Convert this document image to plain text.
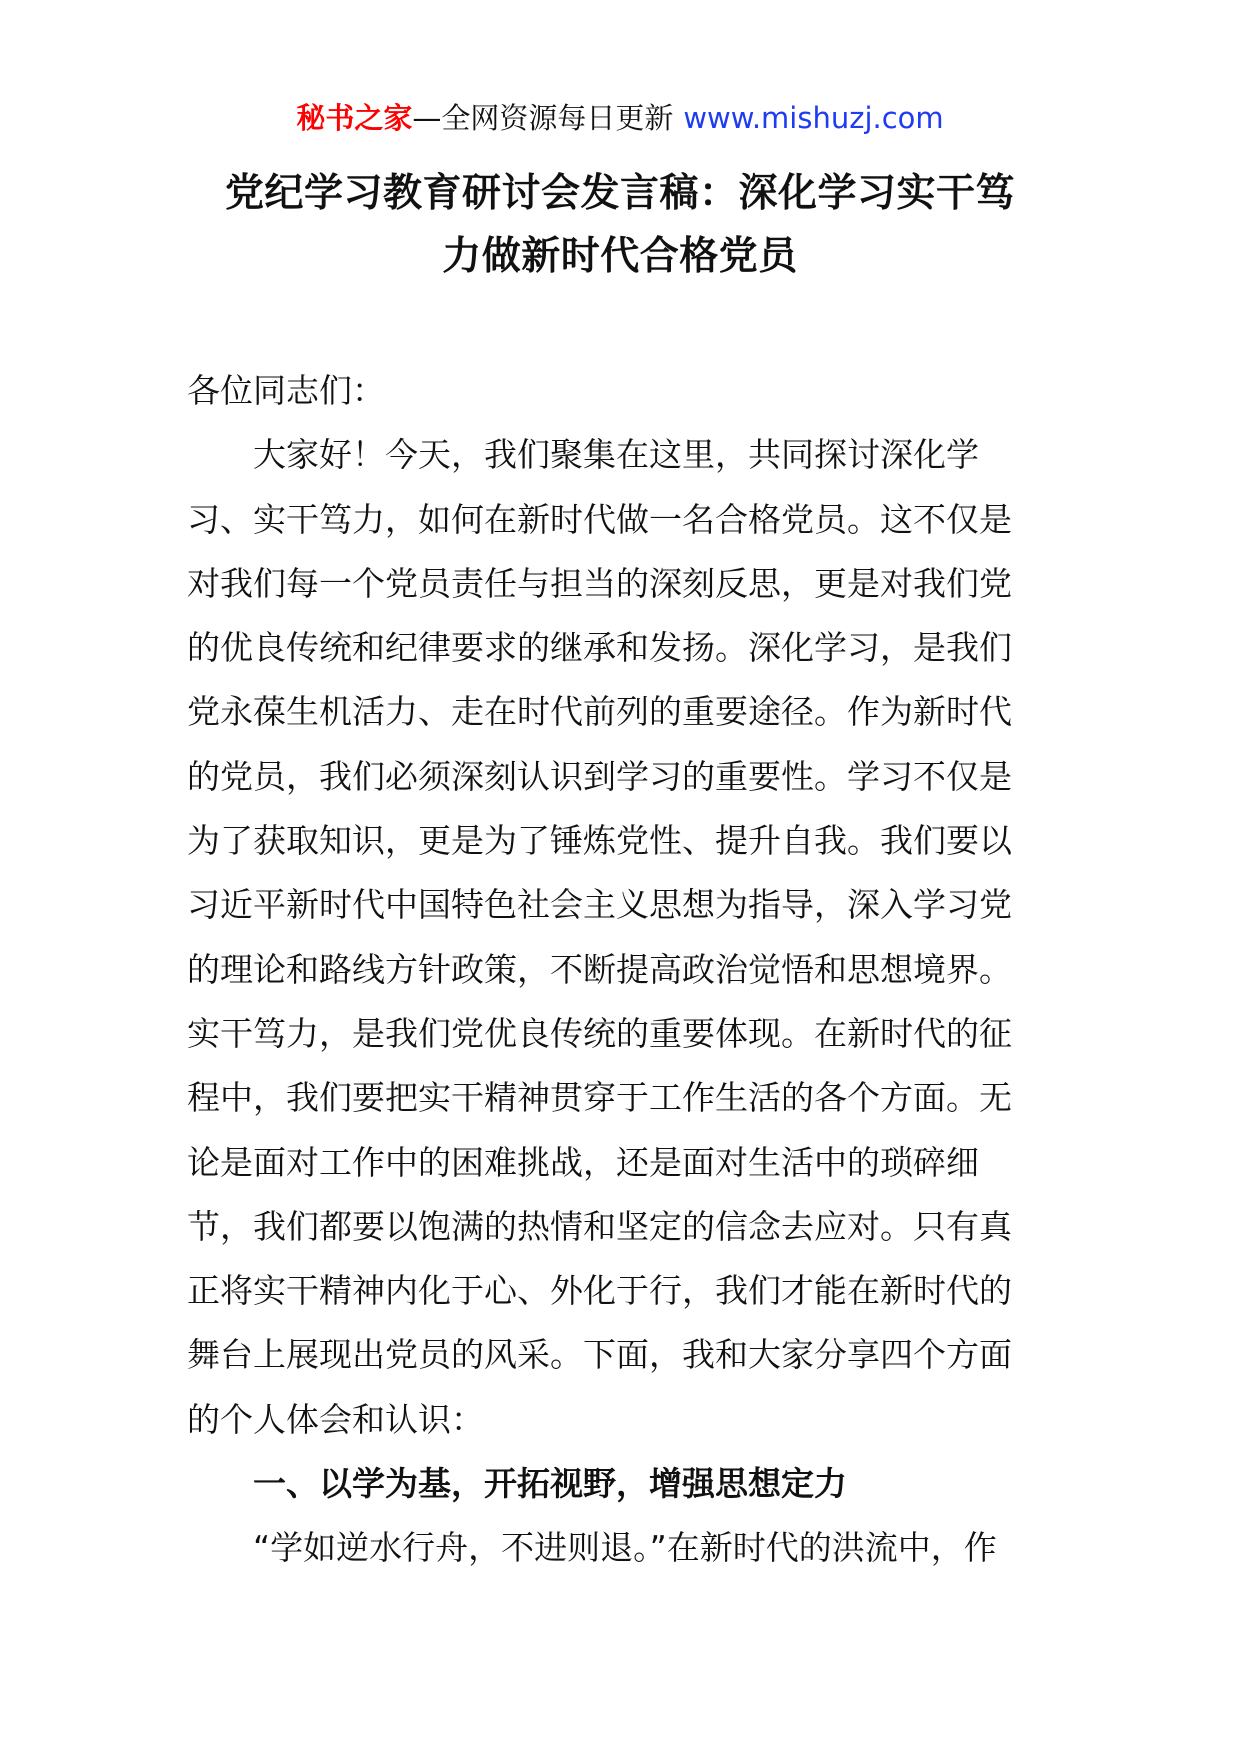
秘书之家—全网资源每日更新 www.mishuzj.com
党纪学习教育研讨会发言稿：深化学习实干笃
力做新时代合格党员
各位同志们：
大家好！今天，我们聚集在这里，共同探讨深化学
习、实干笃力，如何在新时代做一名合格党员。这不仅是
对我们每一个党员责任与担当的深刻反思，更是对我们党
的优良传统和纪律要求的继承和发扬。深化学习，是我们
党永葆生机活力、走在时代前列的重要途径。作为新时代
的党员，我们必须深刻认识到学习的重要性。学习不仅是
为了获取知识，更是为了锤炼党性、提升自我。我们要以
习近平新时代中国特色社会主义思想为指导，深入学习党
的理论和路线方针政策，不断提高政治觉悟和思想境界。
实干笃力，是我们党优良传统的重要体现。在新时代的征
程中，我们要把实干精神贯穿于工作生活的各个方面。无
论是面对工作中的困难挑战，还是面对生活中的琐碎细
节，我们都要以饱满的热情和坚定的信念去应对。只有真
正将实干精神内化于心、外化于行，我们才能在新时代的
舞台上展现出党员的风采。下面，我和大家分享四个方面
的个人体会和认识：
一、以学为基，开拓视野，增强思想定力
“学如逆水行舟，不进则退。”在新时代的洪流中，作
